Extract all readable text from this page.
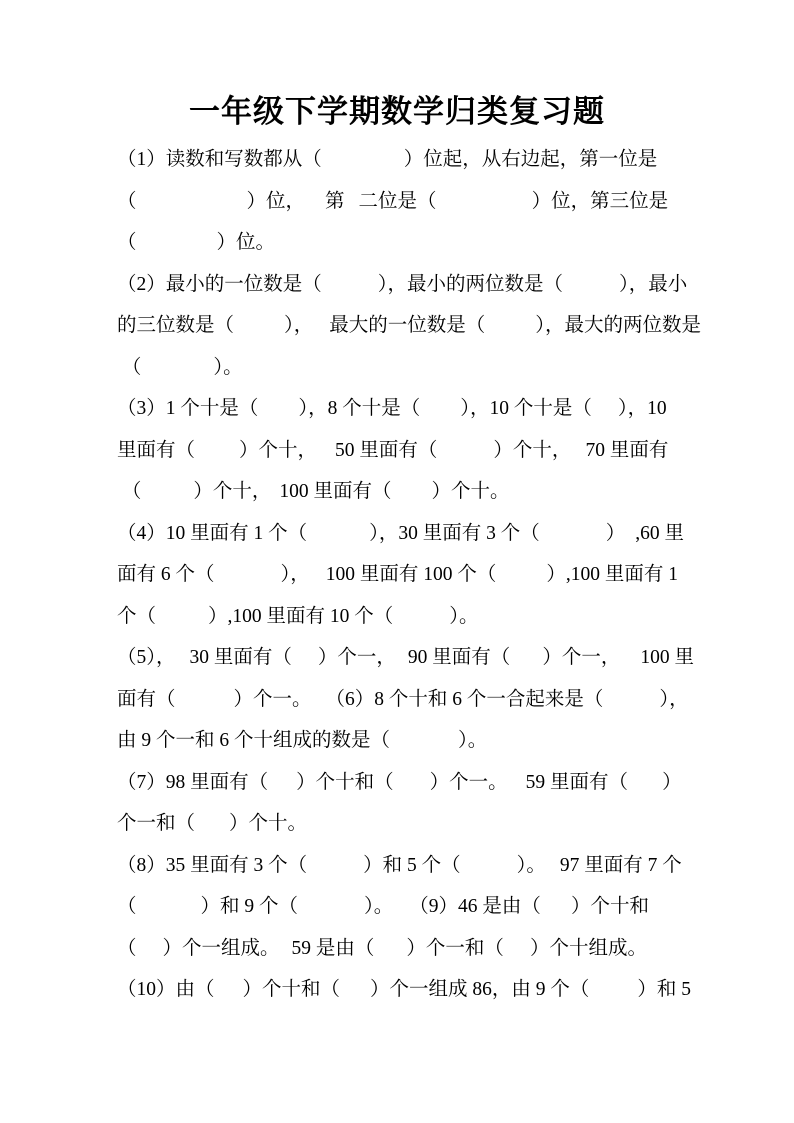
一年级下学期数学归类复习题
（1）读数和写数都从（	）位起，从右边起，第一位是
（	）位， 第 二位是（	）位，第三位是
（	）位。
（2）最小的一位数是（	），最小的两位数是（	），最小
的三位数是（	）， 最大的一位数是（	），最大的两位数是
（	）。
（3）1 个十是（ ），8 个十是（ ），10 个十是（ ），10
里面有（ ）个十， 50 里面有（	）个十， 70 里面有
（	）个十， 100 里面有（ ）个十。
（4）10 里面有 1 个（	），30 里面有 3 个（	） ,60 里
面有 6 个（	）， 100 里面有 100 个（	）,100 里面有 1
个（	）,100 里面有 10 个（	）。
（5）， 30 里面有（ ）个一， 90 里面有（ ）个一， 100 里
面有（	）个一。 （6）8 个十和 6 个一合起来是（	），
由 9 个一和 6 个十组成的数是（	）。
（7）98 里面有（ ）个十和（ ）个一。 59 里面有（ ）
个一和（ ）个十。
（8）35 里面有 3 个（	）和 5 个（	）。 97 里面有 7 个
（	）和 9 个（	）。 （9）46 是由（ ）个十和
（ ）个一组成。 59 是由（ ）个一和（ ）个十组成。
（10）由（ ）个十和（ ）个一组成 86，由 9 个（ ）和 5
